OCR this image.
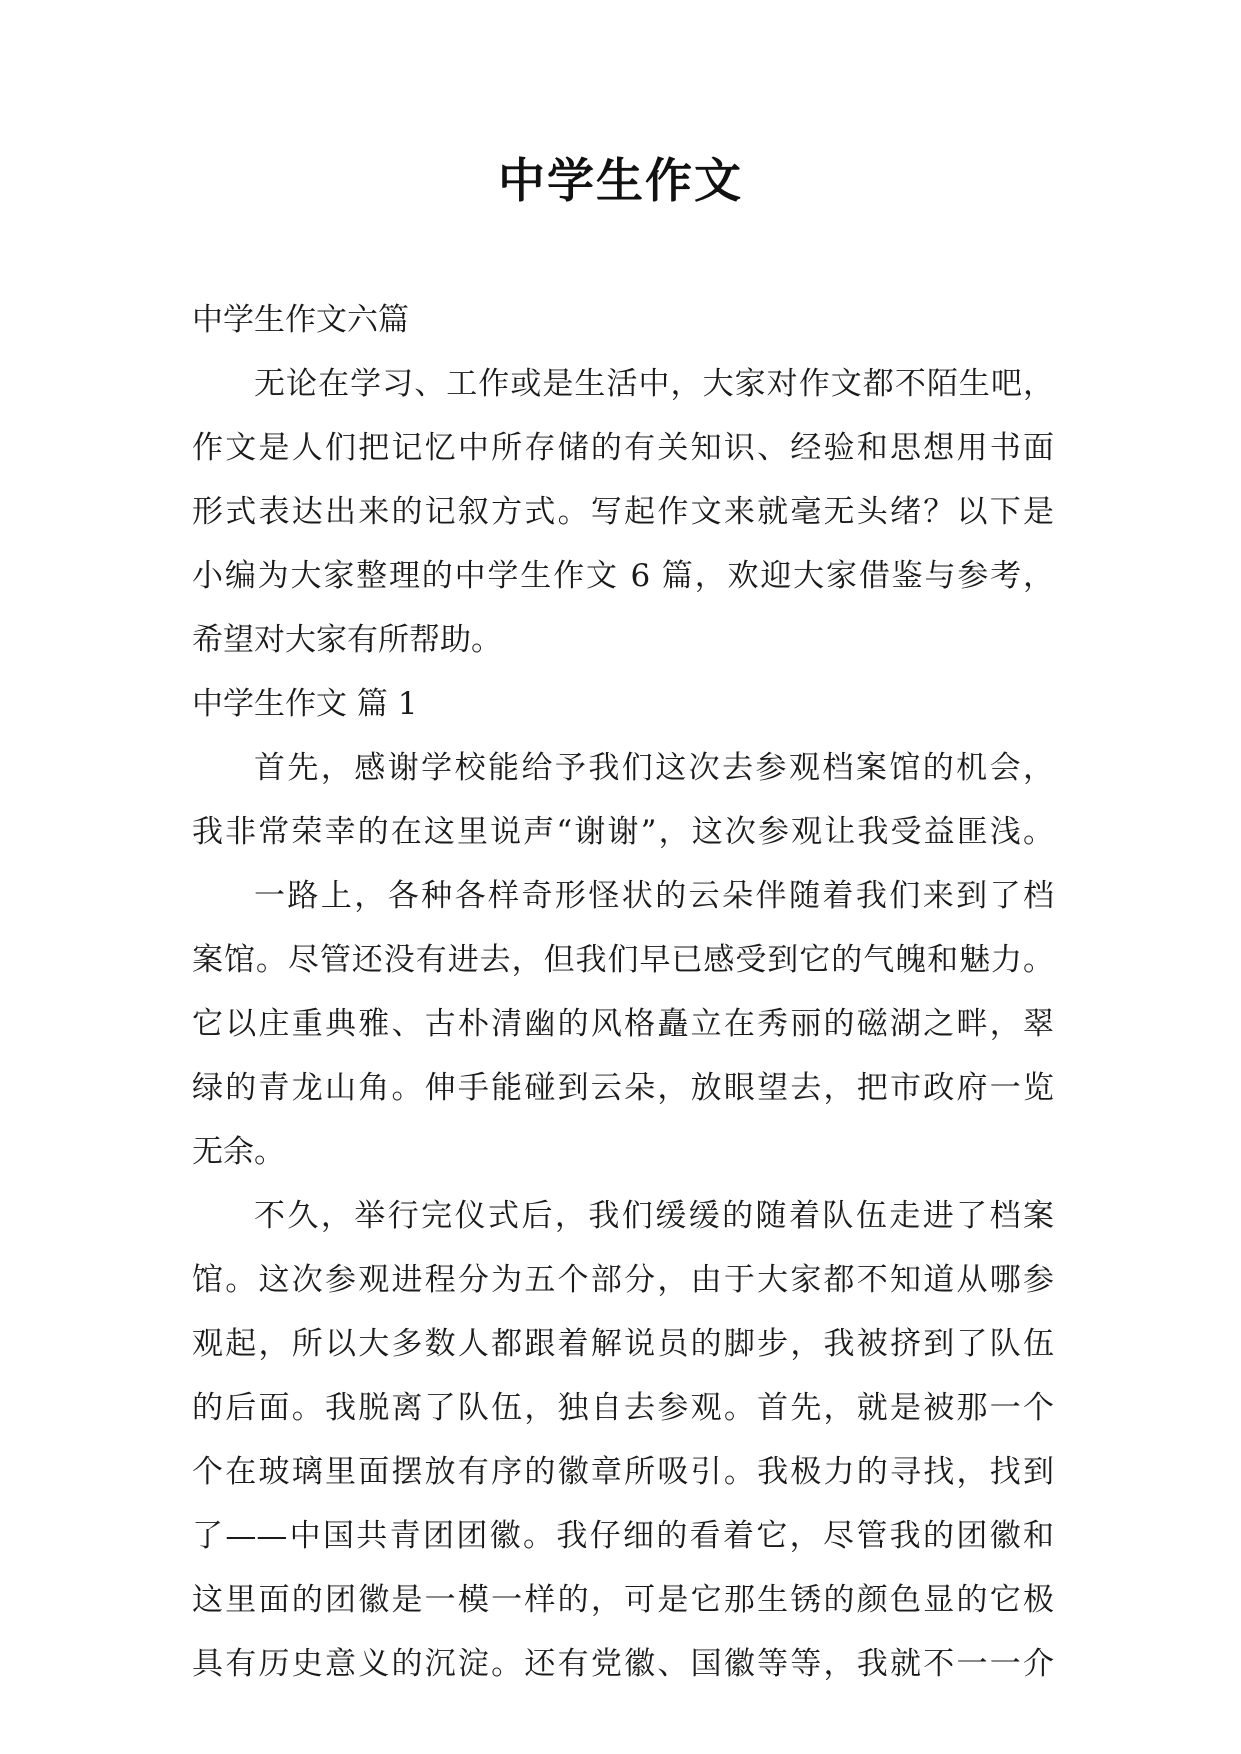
中学生作文
中学生作文六篇
无论在学习、工作或是生活中，大家对作文都不陌生吧，
作文是人们把记忆中所存储的有关知识、经验和思想用书面
形式表达出来的记叙方式。写起作文来就毫无头绪？以下是
小编为大家整理的中学生作文 6 篇，欢迎大家借鉴与参考，
希望对大家有所帮助。
中学生作文 篇 1
首先，感谢学校能给予我们这次去参观档案馆的机会，
我非常荣幸的在这里说声“谢谢”，这次参观让我受益匪浅。
一路上，各种各样奇形怪状的云朵伴随着我们来到了档
案馆。尽管还没有进去，但我们早已感受到它的气魄和魅力。
它以庄重典雅、古朴清幽的风格矗立在秀丽的磁湖之畔，翠
绿的青龙山角。伸手能碰到云朵，放眼望去，把市政府一览
无余。
不久，举行完仪式后，我们缓缓的随着队伍走进了档案
馆。这次参观进程分为五个部分，由于大家都不知道从哪参
观起，所以大多数人都跟着解说员的脚步，我被挤到了队伍
的后面。我脱离了队伍，独自去参观。首先，就是被那一个
个在玻璃里面摆放有序的徽章所吸引。我极力的寻找，找到
了——中国共青团团徽。我仔细的看着它，尽管我的团徽和
这里面的团徽是一模一样的，可是它那生锈的颜色显的它极
具有历史意义的沉淀。还有党徽、国徽等等，我就不一一介
